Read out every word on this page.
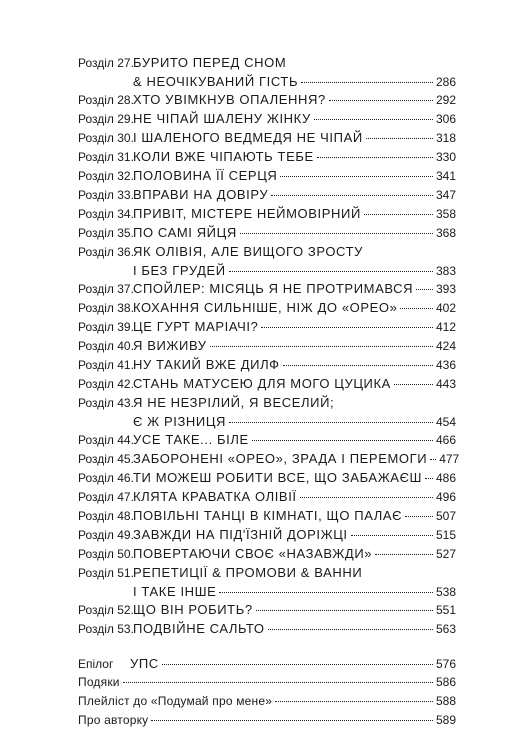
Розділ 27. БУРИТО ПЕРЕД СНОМ
& НЕОЧІКУВАНИЙ ГІСТЬ	286
Розділ 28. ХТО УВІМКНУВ ОПАЛЕННЯ?	292
Розділ 29. НЕ ЧІПАЙ ШАЛЕНУ ЖІНКУ	306
Розділ 30. І ШАЛЕНОГО ВЕДМЕДЯ НЕ ЧІПАЙ	318
Розділ 31. КОЛИ ВЖЕ ЧІПАЮТЬ ТЕБЕ	330
Розділ 32. ПОЛОВИНА ЇЇ СЕРЦЯ	341
Розділ 33. ВПРАВИ НА ДОВІРУ	347
Розділ 34. ПРИВІТ, МІСТЕРЕ НЕЙМОВІРНИЙ	358
Розділ 35. ПО САМІ ЯЙЦЯ	368
Розділ 36. ЯК ОЛІВІЯ, АЛЕ ВИЩОГО ЗРОСТУ
І БЕЗ ГРУДЕЙ	383
Розділ 37. СПОЙЛЕР: МІСЯЦЬ Я НЕ ПРОТРИМАВСЯ 393
Розділ 38. КОХАННЯ СИЛЬНІШЕ, НІЖ ДО «ОРЕО»	402
Розділ 39. ЦЕ ГУРТ МАРІАЧІ?	412
Розділ 40. Я ВИЖИВУ	424
Розділ 41. НУ ТАКИЙ ВЖЕ ДИЛФ	436
Розділ 42. СТАНЬ МАТУСЕЮ ДЛЯ МОГО ЦУЦИКА	443
Розділ 43. Я НЕ НЕЗРІЛИЙ, Я ВЕСЕЛИЙ;
Є Ж РІЗНИЦЯ	454
Розділ 44. УСЕ ТАКЕ... БІЛЕ	466
Розділ 45. ЗАБОРОНЕНІ «ОРЕО», ЗРАДА І ПЕРЕМОГИ 477
Розділ 46. ТИ МОЖЕШ РОБИТИ ВСЕ, ЩО ЗАБАЖАЄШ 486
Розділ 47. КЛЯТА КРАВАТКА ОЛІВІЇ	496
Розділ 48. ПОВІЛЬНІ ТАНЦІ В КІМНАТІ, ЩО ПАЛАЄ	507
Розділ 49. ЗАВЖДИ НА ПІД'ЇЗНІЙ ДОРІЖЦІ	515
Розділ 50. ПОВЕРТАЮЧИ СВОЄ «НАЗАВЖДИ»	527
Розділ 51. РЕПЕТИЦІЇ & ПРОМОВИ & ВАННИ
І ТАКЕ ІНШЕ	538
Розділ 52. ЩО ВІН РОБИТЬ?	551
Розділ 53. ПОДВІЙНЕ САЛЬТО	563
Епілог	УПС	576
Подяки	586
Плейліст до «Подумай про мене»	588
Про авторку	589
